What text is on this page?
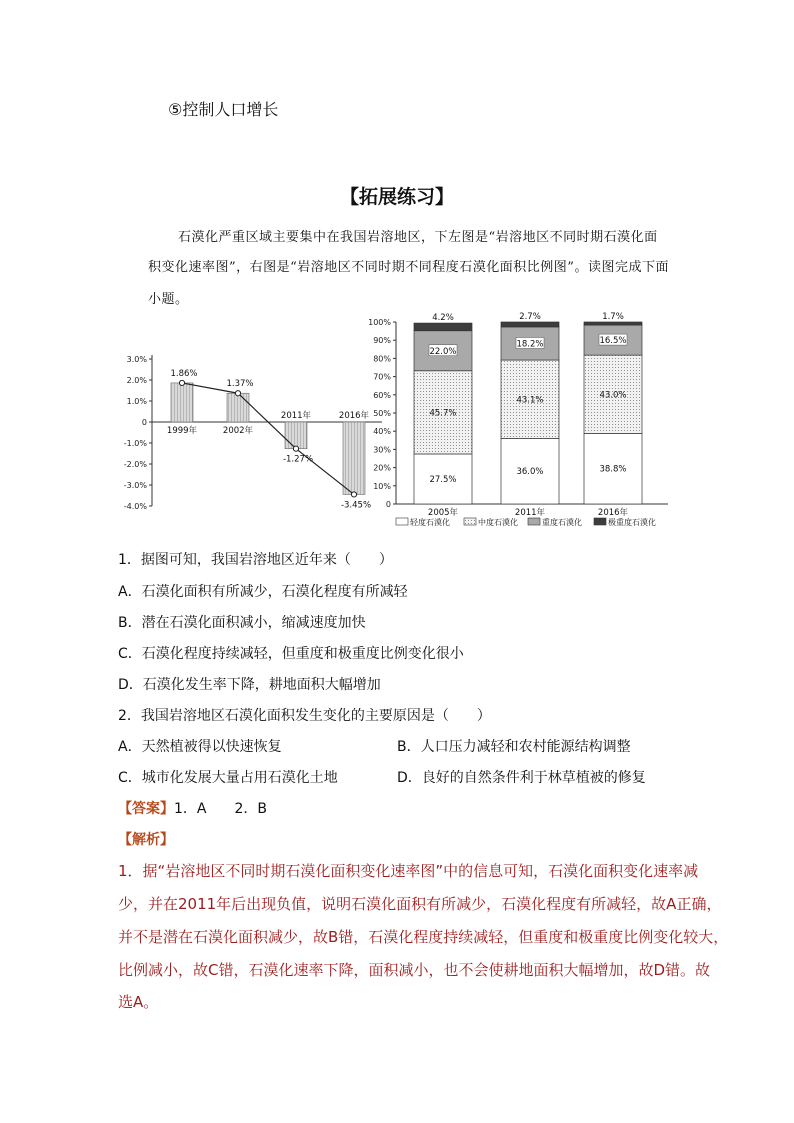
⑤控制人口增长
【拓展练习】
石漠化严重区域主要集中在我国岩溶地区，下左图是“岩溶地区不同时期石漠化面
积变化速率图”，右图是“岩溶地区不同时期不同程度石漠化面积比例图”。读图完成下面
小题。
3.0%
2.0%
1.0%
0
-1.0%
-2.0%
-3.0%
-4.0%
1999年
1.86%
2002年
1.37%
2011年
-1.27%
2016年
-3.45%
100%
90%
80%
70%
60%
50%
40%
30%
20%
10%
0
27.5%
45.7%
22.0%
4.2%
2005年
36.0%
43.1%
18.2%
2.7%
2011年
38.8%
43.0%
16.5%
1.7%
2016年
轻度石漠化	中度石漠化	重度石漠化	极重度石漠化
1．据图可知，我国岩溶地区近年来（　　）
A．石漠化面积有所减少，石漠化程度有所减轻
B．潜在石漠化面积减小，缩减速度加快
C．石漠化程度持续减轻，但重度和极重度比例变化很小
D．石漠化发生率下降，耕地面积大幅增加
2．我国岩溶地区石漠化面积发生变化的主要原因是（　　）
A．天然植被得以快速恢复	B．人口压力减轻和农村能源结构调整
C．城市化发展大量占用石漠化土地	D．良好的自然条件利于林草植被的修复
【答案】1．A　　2．B
【解析】
1．据“岩溶地区不同时期石漠化面积变化速率图”中的信息可知，石漠化面积变化速率减
少，并在2011年后出现负值，说明石漠化面积有所减少，石漠化程度有所减轻，故A正确，
并不是潜在石漠化面积减少，故B错，石漠化程度持续减轻，但重度和极重度比例变化较大，
比例减小，故C错，石漠化速率下降，面积减小，也不会使耕地面积大幅增加，故D错。故
选A。
